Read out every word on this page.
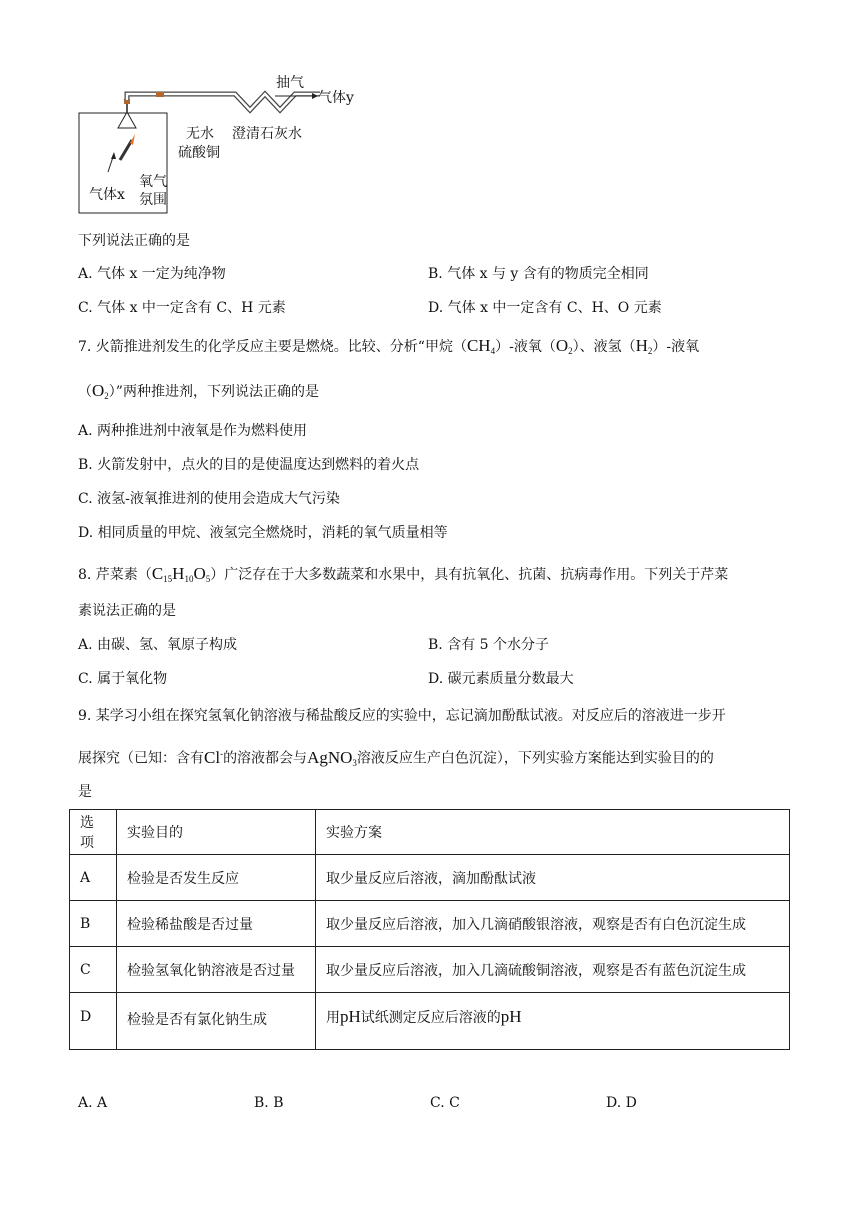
抽气
气体y
无水
硫酸铜
澄清石灰水
气体x
氧气
氛围
下列说法正确的是
A. 气体 x 一定为纯净物	B. 气体 x 与 y 含有的物质完全相同
C. 气体 x 中一定含有 C、H 元素	D. 气体 x 中一定含有 C、H、O 元素
7. 火箭推进剂发生的化学反应主要是燃烧。比较、分析“甲烷$(CH_4)-$液氧$(O_2)$、液氢$(H_2)-$液氧
$(O_2)$”两种推进剂，下列说法正确的是
A. 两种推进剂中液氧是作为燃料使用
B. 火箭发射中，点火的目的是使温度达到燃料的着火点
C. 液氢-液氧推进剂的使用会造成大气污染
D. 相同质量的甲烷、液氢完全燃烧时，消耗的氧气质量相等
8. 芹菜素$(C_{15}H_{10}O_5)$广泛存在于大多数蔬菜和水果中，具有抗氧化、抗菌、抗病毒作用。下列关于芹菜
素说法正确的是
A. 由碳、氢、氧原子构成	B. 含有 5 个水分子
C. 属于氧化物	D. 碳元素质量分数最大
9. 某学习小组在探究氢氧化钠溶液与稀盐酸反应的实验中，忘记滴加酚酞试液。对反应后的溶液进一步开
展探究（已知：含有Cl-的溶液都会与AgNO$_3$溶液反应生产白色沉淀），下列实验方案能达到实验目的的
是
选项	实验目的	实验方案
A	检验是否发生反应	取少量反应后溶液，滴加酚酞试液
B	检验稀盐酸是否过量	取少量反应后溶液，加入几滴硝酸银溶液，观察是否有白色沉淀生成
C	检验氢氧化钠溶液是否过量	取少量反应后溶液，加入几滴硫酸铜溶液，观察是否有蓝色沉淀生成
D	检验是否有氯化钠生成	用pH试纸测定反应后溶液的pH
A. A	B. B	C. C	D. D
